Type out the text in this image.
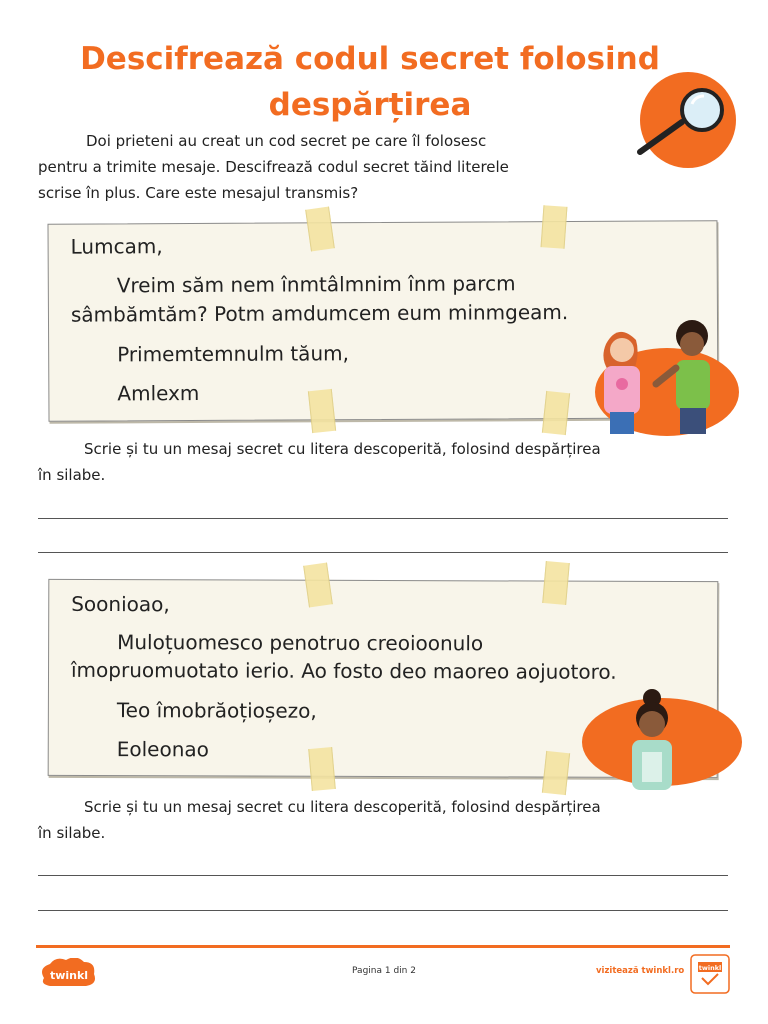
Descifrează codul secret folosind despărțirea
Doi prieteni au creat un cod secret pe care îl folosesc
pentru a trimite mesaje. Descifrează codul secret tăind literele
scrise în plus. Care este mesajul transmis?

Lumcam,

Vreim săm nem înmtâlmnim înm parcm

sâmbămtăm? Potm amdumcem eum minmgeam.

Primemtemnulm tăum,

Amlexm

Scrie și tu un mesaj secret cu litera descoperită, folosind despărțirea
în silabe.

Soonioao,

Muloțuomesco penotruo creoioonulo

îmopruomuotato ierio. Ao fosto deo maoreo aojuotoro.

Teo îmobrăoțioșezo,

Eoleonao

Scrie și tu un mesaj secret cu litera descoperită, folosind despărțirea
în silabe.
twinkl	Pagina 1 din 2	vizitează twinkl.ro twinkl
